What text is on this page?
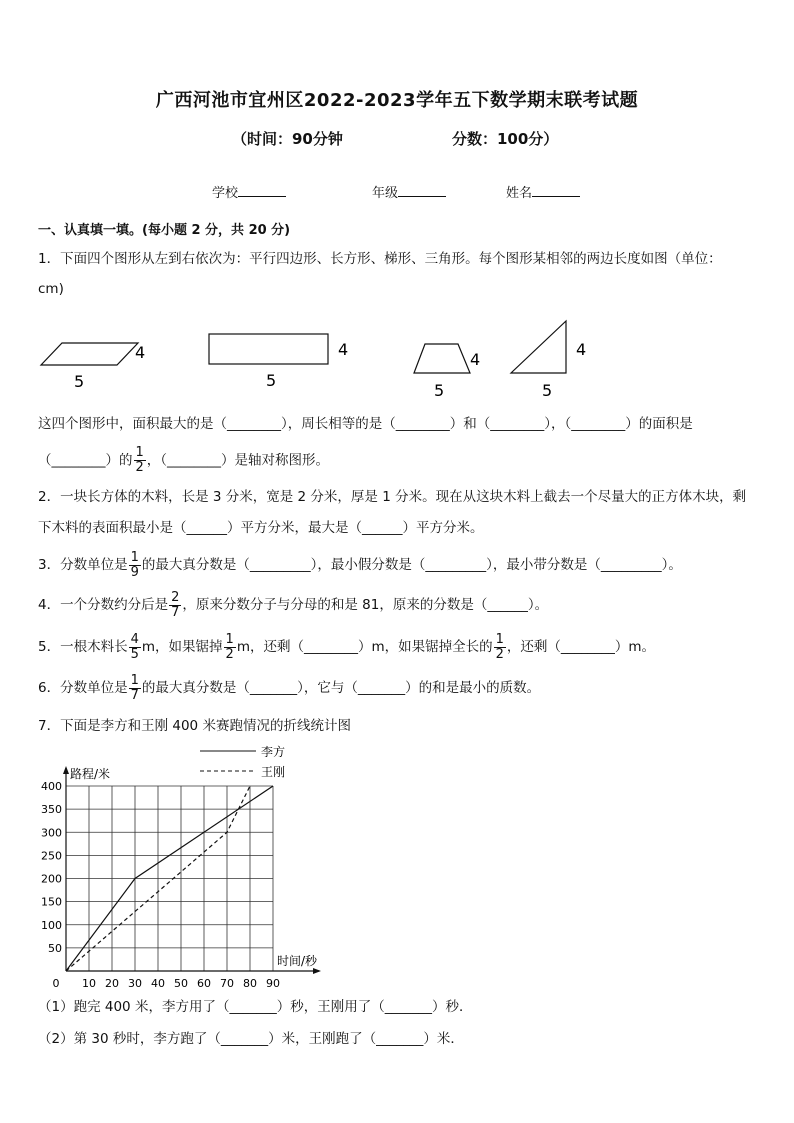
广西河池市宜州区2022-2023学年五下数学期末联考试题
（时间：90分钟	分数：100分）
学校	年级	姓名
一、认真填一填。(每小题 2 分，共 20 分)
1．下面四个图形从左到右依次为：平行四边形、长方形、梯形、三角形。每个图形某相邻的两边长度如图（单位：
cm)
4
5
4
5
4
5
4
5
这四个图形中，面积最大的是（________），周长相等的是（________）和（________），（________）的面积是
（________）的 $\frac{1}{2}$ ，（________）是轴对称图形。
2．一块长方体的木料，长是 3 分米，宽是 2 分米，厚是 1 分米。现在从这块木料上截去一个尽量大的正方体木块，剩
下木料的表面积最小是（______）平方分米，最大是（______）平方分米。
3．分数单位是 $\frac{1}{9}$ 的最大真分数是（_________），最小假分数是（_________），最小带分数是（_________）。
4．一个分数约分后是 $\frac{2}{7}$ ，原来分数分子与分母的和是 81，原来的分数是（______）。
5．一根木料长 $\frac{4}{5}$ m，如果锯掉 $\frac{1}{2}$ m，还剩（________）m，如果锯掉全长的 $\frac{1}{2}$ ，还剩（________）m。
6．分数单位是 $\frac{1}{7}$ 的最大真分数是（_______），它与（_______）的和是最小的质数。
7．下面是李方和王刚 400 米赛跑情况的折线统计图
0 10 20 30 40 50 60 70 80 90
50
100
150
200
250
300
350
400
李方
王刚
路程/米
时间/秒
（1）跑完 400 米，李方用了（_______）秒，王刚用了（_______）秒．
（2）第 30 秒时，李方跑了（_______）米，王刚跑了（_______）米．
